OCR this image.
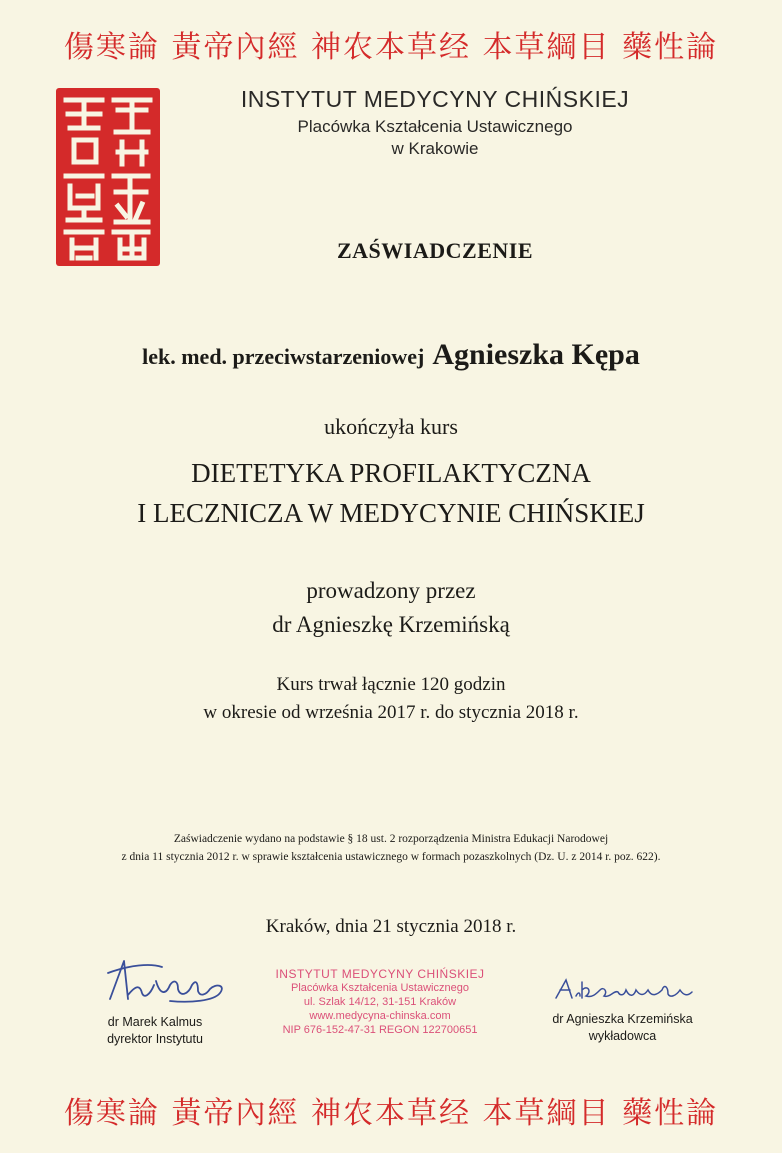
傷寒論 黃帝內經 神农本草经 本草綱目 藥性論
INSTYTUT MEDYCYNY CHIŃSKIEJ
Placówka Kształcenia Ustawicznego
w Krakowie
ZAŚWIADCZENIE
lek. med. przeciwstarzeniowej Agnieszka Kępa
ukończyła kurs
DIETETYKA PROFILAKTYCZNA
I LECZNICZA W MEDYCYNIE CHIŃSKIEJ
prowadzony przez
dr Agnieszkę Krzemińską
Kurs trwał łącznie 120 godzin
w okresie od września 2017 r. do stycznia 2018 r.
Zaświadczenie wydano na podstawie § 18 ust. 2 rozporządzenia Ministra Edukacji Narodowej
z dnia 11 stycznia 2012 r. w sprawie kształcenia ustawicznego w formach pozaszkolnych (Dz. U. z 2014 r. poz. 622).
Kraków, dnia 21 stycznia 2018 r.
dr Marek Kalmus
dyrektor Instytutu
INSTYTUT MEDYCYNY CHIŃSKIEJ
Placówka Kształcenia Ustawicznego
ul. Szlak 14/12, 31-151 Kraków
www.medycyna-chinska.com
NIP 676-152-47-31 REGON 122700651
dr Agnieszka Krzemińska
wykładowca
傷寒論 黃帝內經 神农本草经 本草綱目 藥性論
